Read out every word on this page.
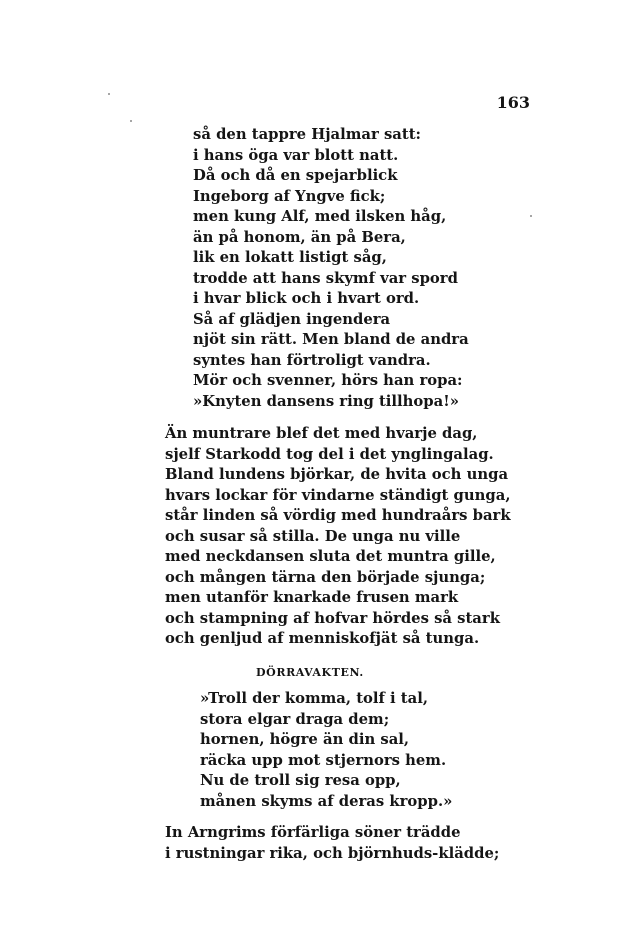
163
så den tappre Hjalmar satt:
i hans öga var blott natt.
Då och då en spejarblick
Ingeborg af Yngve fick;
men kung Alf, med ilsken håg,
än på honom, än på Bera,
lik en lokatt listigt såg,
trodde att hans skymf var spord
i hvar blick och i hvart ord.
Så af glädjen ingendera
njöt sin rätt. Men bland de andra
syntes han förtroligt vandra.
Mör och svenner, hörs han ropa:
»Knyten dansens ring tillhopa!»
Än muntrare blef det med hvarje dag,
sjelf Starkodd tog del i det ynglingalag.
Bland lundens björkar, de hvita och unga
hvars lockar för vindarne ständigt gunga,
står linden så vördig med hundraårs bark
och susar så stilla. De unga nu ville
med neckdansen sluta det muntra gille,
och mången tärna den började sjunga;
men utanför knarkade frusen mark
och stampning af hofvar hördes så stark
och genljud af menniskofjät så tunga.
DÖRRAVAKTEN.
»Troll der komma, tolf i tal,
stora elgar draga dem;
hornen, högre än din sal,
räcka upp mot stjernors hem.
Nu de troll sig resa opp,
månen skyms af deras kropp.»
In Arngrims förfärliga söner trädde
i rustningar rika, och björnhuds-klädde;
